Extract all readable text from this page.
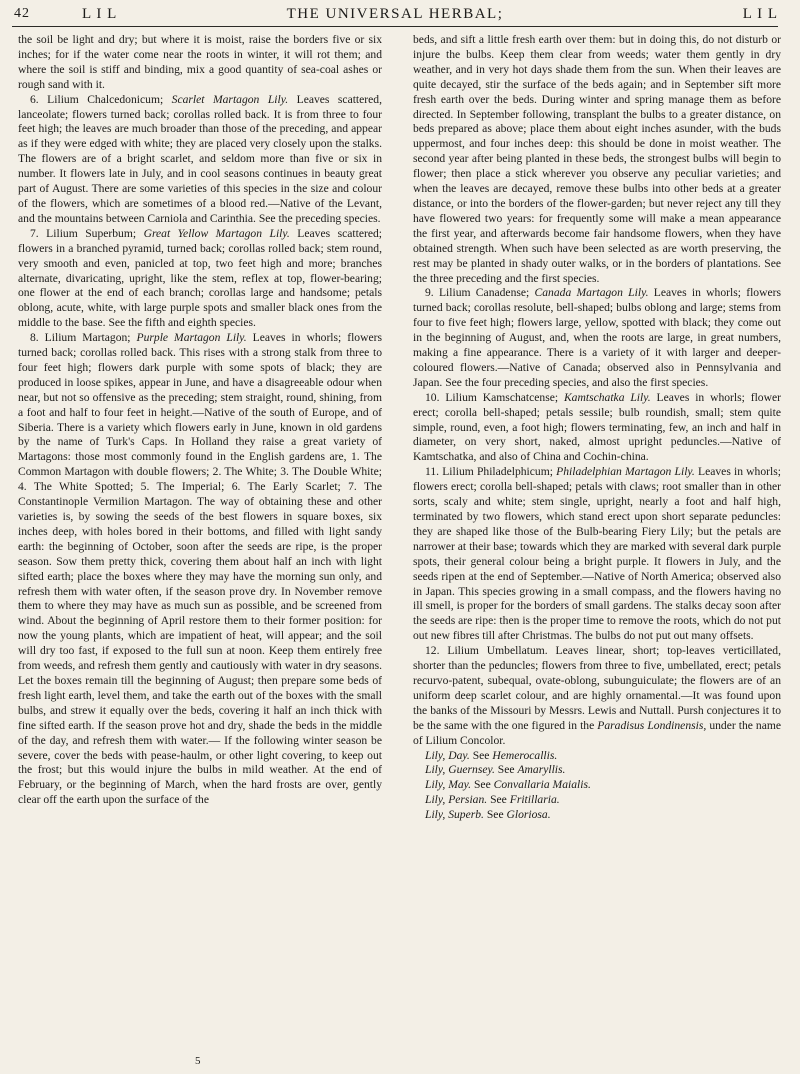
42	L I L	THE UNIVERSAL HERBAL;	L I L

the soil be light and dry; but where it is moist, raise the borders five or six inches; for if the water come near the roots in winter, it will rot them; and where the soil is stiff and binding, mix a good quantity of sea-coal ashes or rough sand with it.

6. Lilium Chalcedonicum; Scarlet Martagon Lily. Leaves scattered, lanceolate; flowers turned back; corollas rolled back. It is from three to four feet high; the leaves are much broader than those of the preceding, and appear as if they were edged with white; they are placed very closely upon the stalks. The flowers are of a bright scarlet, and seldom more than five or six in number. It flowers late in July, and in cool seasons continues in beauty great part of August. There are some varieties of this species in the size and colour of the flowers, which are sometimes of a blood red.—Native of the Levant, and the mountains between Carniola and Carinthia. See the preceding species.

7. Lilium Superbum; Great Yellow Martagon Lily. Leaves scattered; flowers in a branched pyramid, turned back; corollas rolled back; stem round, very smooth and even, panicled at top, two feet high and more; branches alternate, divaricating, upright, like the stem, reflex at top, flower-bearing; one flower at the end of each branch; corollas large and handsome; petals oblong, acute, white, with large purple spots and smaller black ones from the middle to the base. See the fifth and eighth species.

8. Lilium Martagon; Purple Martagon Lily. Leaves in whorls; flowers turned back; corollas rolled back. This rises with a strong stalk from three to four feet high; flowers dark purple with some spots of black; they are produced in loose spikes, appear in June, and have a disagreeable odour when near, but not so offensive as the preceding; stem straight, round, shining, from a foot and half to four feet in height.—Native of the south of Europe, and of Siberia. There is a variety which flowers early in June, known in old gardens by the name of Turk's Caps. In Holland they raise a great variety of Martagons: those most commonly found in the English gardens are, 1. The Common Martagon with double flowers; 2. The White; 3. The Double White; 4. The White Spotted; 5. The Imperial; 6. The Early Scarlet; 7. The Constantinople Vermilion Martagon. The way of obtaining these and other varieties is, by sowing the seeds of the best flowers in square boxes, six inches deep, with holes bored in their bottoms, and filled with light sandy earth: the beginning of October, soon after the seeds are ripe, is the proper season. Sow them pretty thick, covering them about half an inch with light sifted earth; place the boxes where they may have the morning sun only, and refresh them with water often, if the season prove dry. In November remove them to where they may have as much sun as possible, and be screened from wind. About the beginning of April restore them to their former position: for now the young plants, which are impatient of heat, will appear; and the soil will dry too fast, if exposed to the full sun at noon. Keep them entirely free from weeds, and refresh them gently and cautiously with water in dry seasons. Let the boxes remain till the beginning of August; then prepare some beds of fresh light earth, level them, and take the earth out of the boxes with the small bulbs, and strew it equally over the beds, covering it half an inch thick with fine sifted earth. If the season prove hot and dry, shade the beds in the middle of the day, and refresh them with water.— If the following winter season be severe, cover the beds with pease-haulm, or other light covering, to keep out the frost; but this would injure the bulbs in mild weather. At the end of February, or the beginning of March, when the hard frosts are over, gently clear off the earth upon the surface of the

beds, and sift a little fresh earth over them: but in doing this, do not disturb or injure the bulbs. Keep them clear from weeds; water them gently in dry weather, and in very hot days shade them from the sun. When their leaves are quite decayed, stir the surface of the beds again; and in September sift more fresh earth over the beds. During winter and spring manage them as before directed. In September following, transplant the bulbs to a greater distance, on beds prepared as above; place them about eight inches asunder, with the buds uppermost, and four inches deep: this should be done in moist weather. The second year after being planted in these beds, the strongest bulbs will begin to flower; then place a stick wherever you observe any peculiar varieties; and when the leaves are decayed, remove these bulbs into other beds at a greater distance, or into the borders of the flower-garden; but never reject any till they have flowered two years: for frequently some will make a mean appearance the first year, and afterwards become fair handsome flowers, when they have obtained strength. When such have been selected as are worth preserving, the rest may be planted in shady outer walks, or in the borders of plantations. See the three preceding and the first species.

9. Lilium Canadense; Canada Martagon Lily. Leaves in whorls; flowers turned back; corollas resolute, bell-shaped; bulbs oblong and large; stems from four to five feet high; flowers large, yellow, spotted with black; they come out in the beginning of August, and, when the roots are large, in great numbers, making a fine appearance. There is a variety of it with larger and deeper-coloured flowers.—Native of Canada; observed also in Pennsylvania and Japan. See the four preceding species, and also the first species.

10. Lilium Kamschatcense; Kamtschatka Lily. Leaves in whorls; flower erect; corolla bell-shaped; petals sessile; bulb roundish, small; stem quite simple, round, even, a foot high; flowers terminating, few, an inch and half in diameter, on very short, naked, almost upright peduncles.—Native of Kamtschatka, and also of China and Cochin-china.

11. Lilium Philadelphicum; Philadelphian Martagon Lily. Leaves in whorls; flowers erect; corolla bell-shaped; petals with claws; root smaller than in other sorts, scaly and white; stem single, upright, nearly a foot and half high, terminated by two flowers, which stand erect upon short separate peduncles: they are shaped like those of the Bulb-bearing Fiery Lily; but the petals are narrower at their base; towards which they are marked with several dark purple spots, their general colour being a bright purple. It flowers in July, and the seeds ripen at the end of September.—Native of North America; observed also in Japan. This species growing in a small compass, and the flowers having no ill smell, is proper for the borders of small gardens. The stalks decay soon after the seeds are ripe: then is the proper time to remove the roots, which do not put out new fibres till after Christmas. The bulbs do not put out many offsets.

12. Lilium Umbellatum. Leaves linear, short; top-leaves verticillated, shorter than the peduncles; flowers from three to five, umbellated, erect; petals recurvo-patent, subequal, ovate-oblong, subunguiculate; the flowers are of an uniform deep scarlet colour, and are highly ornamental.—It was found upon the banks of the Missouri by Messrs. Lewis and Nuttall. Pursh conjectures it to be the same with the one figured in the Paradisus Londinensis, under the name of Lilium Concolor.

Lily, Day. See Hemerocallis.

Lily, Guernsey. See Amaryllis.

Lily, May. See Convallaria Maialis.

Lily, Persian. See Fritillaria.

Lily, Superb. See Gloriosa.

5
